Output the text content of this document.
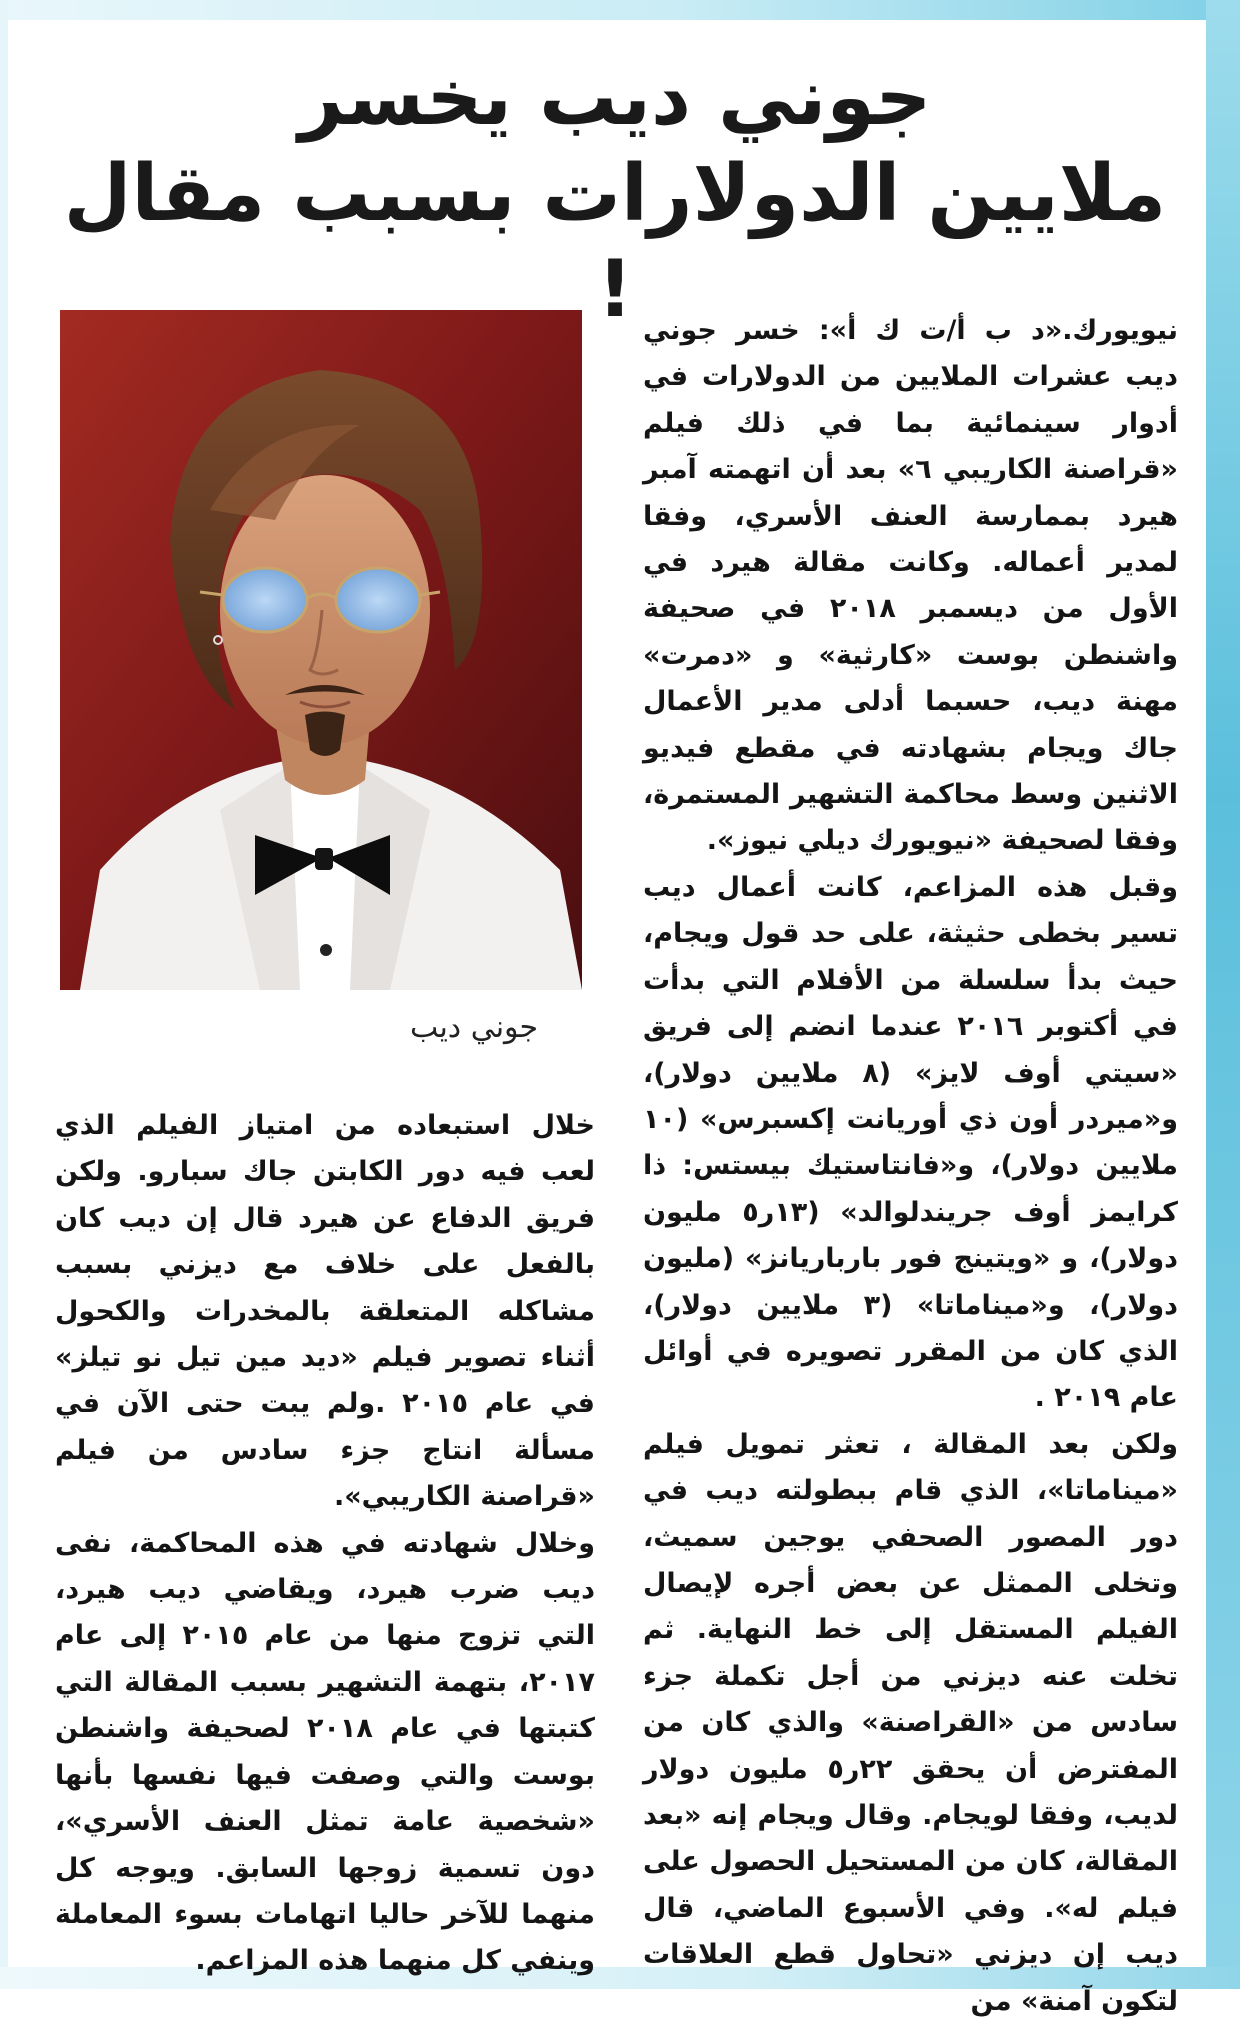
جوني ديب يخسر
ملايين الدولارات بسبب مقال !
جوني ديب

نيويورك.«د ب أ/ت ك أ»: خسر جوني ديب عشرات الملايين من الدولارات في أدوار سينمائية بما في ذلك فيلم «قراصنة الكاريبي ٦» بعد أن اتهمته آمبر هيرد بممارسة العنف الأسري، وفقا لمدير أعماله. وكانت مقالة هيرد في الأول من ديسمبر ٢٠١٨ في صحيفة واشنطن بوست «كارثية» و «دمرت» مهنة ديب، حسبما أدلى مدير الأعمال جاك ويجام بشهادته في مقطع فيديو الاثنين وسط محاكمة التشهير المستمرة، وفقا لصحيفة «نيويورك ديلي نيوز».

وقبل هذه المزاعم، كانت أعمال ديب تسير بخطى حثيثة، على حد قول ويجام، حيث بدأ سلسلة من الأفلام التي بدأت في أكتوبر ٢٠١٦ عندما انضم إلى فريق «سيتي أوف لايز» (٨ ملايين دولار)، و«ميردر أون ذي أوريانت إكسبرس» (١٠ ملايين دولار)، و«فانتاستيك بيستس: ذا كرايمز أوف جريندلوالد» (١٣ر٥ مليون دولار)، و «ويتينج فور بارباريانز» (مليون دولار)، و«ميناماتا» (٣ ملايين دولار)، الذي كان من المقرر تصويره في أوائل عام ٢٠١٩ .

ولكن بعد المقالة ، تعثر تمويل فيلم «ميناماتا»، الذي قام ببطولته ديب في دور المصور الصحفي يوجين سميث، وتخلى الممثل عن بعض أجره لإيصال الفيلم المستقل إلى خط النهاية. ثم تخلت عنه ديزني من أجل تكملة جزء سادس من «القراصنة» والذي كان من المفترض أن يحقق ٢٢ر٥ مليون دولار لديب، وفقا لويجام. وقال ويجام إنه «بعد المقالة، كان من المستحيل الحصول على فيلم له». وفي الأسبوع الماضي، قال ديب إن ديزني «تحاول قطع العلاقات لتكون آمنة» من

خلال استبعاده من امتياز الفيلم الذي لعب فيه دور الكابتن جاك سبارو. ولكن فريق الدفاع عن هيرد قال إن ديب كان بالفعل على خلاف مع ديزني بسبب مشاكله المتعلقة بالمخدرات والكحول أثناء تصوير فيلم «ديد مين تيل نو تيلز» في عام ٢٠١٥ .ولم يبت حتى الآن في مسألة انتاج جزء سادس من فيلم «قراصنة الكاريبي».

وخلال شهادته في هذه المحاكمة، نفى ديب ضرب هيرد، ويقاضي ديب هيرد، التي تزوج منها من عام ٢٠١٥ إلى عام ٢٠١٧، بتهمة التشهير بسبب المقالة التي كتبتها في عام ٢٠١٨ لصحيفة واشنطن بوست والتي وصفت فيها نفسها بأنها «شخصية عامة تمثل العنف الأسري»، دون تسمية زوجها السابق. ويوجه كل منهما للآخر حاليا اتهامات بسوء المعاملة وينفي كل منهما هذه المزاعم.
